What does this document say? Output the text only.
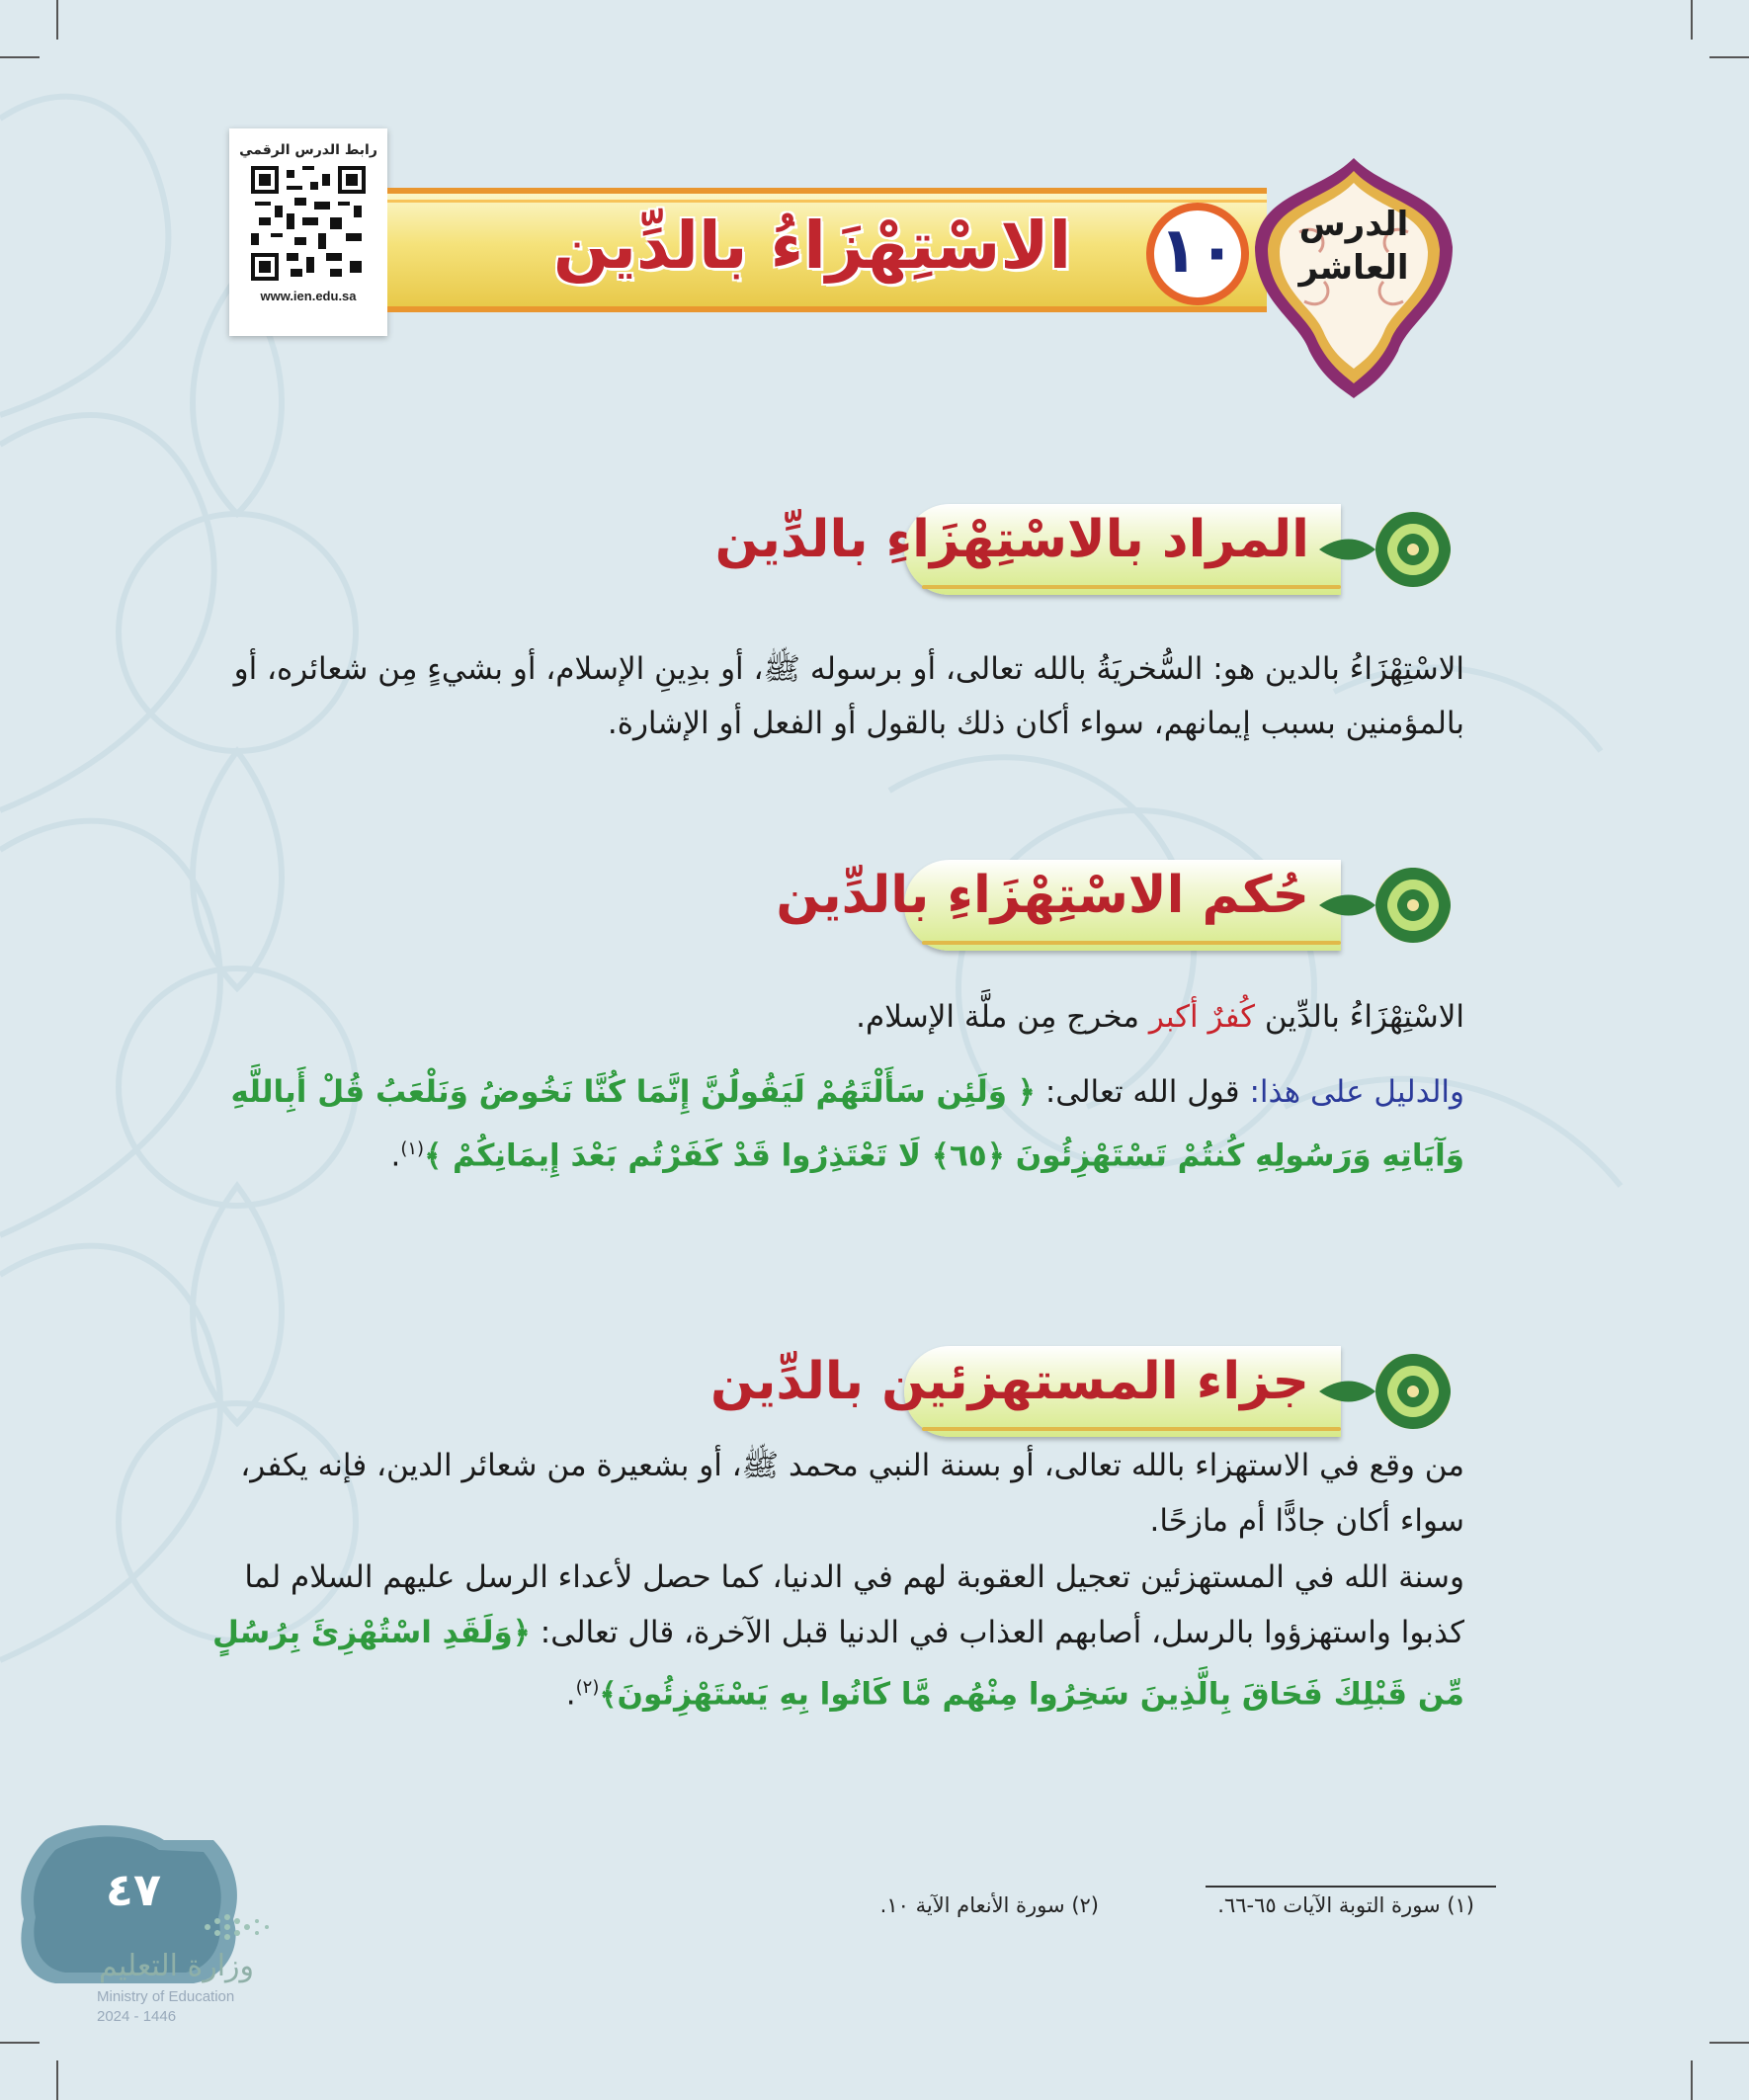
رابط الدرس الرقمي
www.ien.edu.sa
الاسْتِهْزَاءُ بالدِّين ١٠	الدرس
العاشر
المراد بالاسْتِهْزَاءِ بالدِّين
الاسْتِهْزَاءُ بالدين هو: السُّخريَةُ بالله تعالى، أو برسوله ﷺ، أو بدِينِ الإسلام، أو بشيءٍ مِن شعائره، أو بالمؤمنين بسبب إيمانهم، سواء أكان ذلك بالقول أو الفعل أو الإشارة.
حُكم الاسْتِهْزَاءِ بالدِّين
الاسْتِهْزَاءُ بالدِّين كُفرٌ أكبر مخرج مِن ملَّة الإسلام.
والدليل على هذا: قول الله تعالى: ﴿ وَلَئِن سَأَلْتَهُمْ لَيَقُولُنَّ إِنَّمَا كُنَّا نَخُوضُ وَنَلْعَبُ قُلْ أَبِاللَّهِ وَآيَاتِهِ وَرَسُولِهِ كُنتُمْ تَسْتَهْزِئُونَ ﴿٦٥﴾ لَا تَعْتَذِرُوا قَدْ كَفَرْتُم بَعْدَ إِيمَانِكُمْ ﴾$^{(١)}$.
جزاء المستهزئين بالدِّين
من وقع في الاستهزاء بالله تعالى، أو بسنة النبي محمد ﷺ، أو بشعيرة من شعائر الدين، فإنه يكفر، سواء أكان جادًّا أم مازحًا.
وسنة الله في المستهزئين تعجيل العقوبة لهم في الدنيا، كما حصل لأعداء الرسل عليهم السلام لما كذبوا واستهزؤوا بالرسل، أصابهم العذاب في الدنيا قبل الآخرة، قال تعالى: ﴿وَلَقَدِ اسْتُهْزِئَ بِرُسُلٍ مِّن قَبْلِكَ فَحَاقَ بِالَّذِينَ سَخِرُوا مِنْهُم مَّا كَانُوا بِهِ يَسْتَهْزِئُونَ﴾$^{(٢)}$.
(١) سورة التوبة الآيات ٦٥-٦٦.
(٢) سورة الأنعام الآية ١٠.
٤٧
وزارة التعليم
Ministry of Education
2024 - 1446
